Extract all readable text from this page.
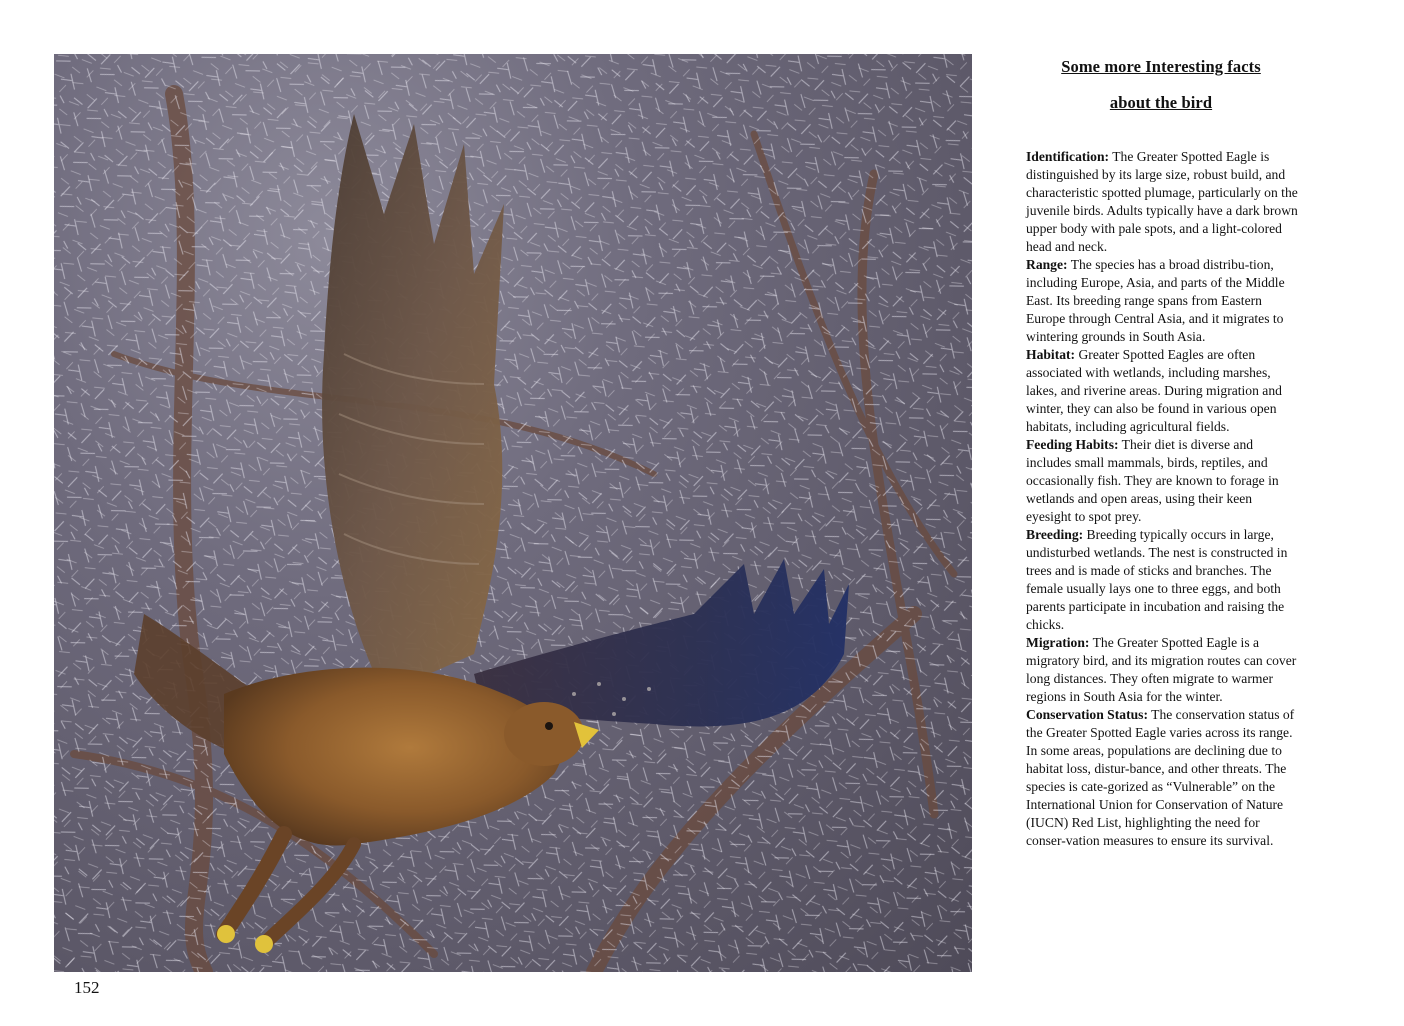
152
Some more Interesting facts
about the bird

Identification: The Greater Spotted Eagle is distinguished by its large size, robust build, and characteristic spotted plumage, particularly on the juvenile birds. Adults typically have a dark brown upper body with pale spots, and a light-colored head and neck.

Range: The species has a broad distribu-tion, including Europe, Asia, and parts of the Middle East. Its breeding range spans from Eastern Europe through Central Asia, and it migrates to wintering grounds in South Asia.

Habitat: Greater Spotted Eagles are often associated with wetlands, including marshes, lakes, and riverine areas. During migration and winter, they can also be found in various open habitats, including agricultural fields.

Feeding Habits: Their diet is diverse and includes small mammals, birds, reptiles, and occasionally fish. They are known to forage in wetlands and open areas, using their keen eyesight to spot prey.

Breeding: Breeding typically occurs in large, undisturbed wetlands. The nest is constructed in trees and is made of sticks and branches. The female usually lays one to three eggs, and both parents participate in incubation and raising the chicks.

Migration: The Greater Spotted Eagle is a migratory bird, and its migration routes can cover long distances. They often migrate to warmer regions in South Asia for the winter.

Conservation Status: The conservation status of the Greater Spotted Eagle varies across its range. In some areas, populations are declining due to habitat loss, distur-bance, and other threats. The species is cate-gorized as “Vulnerable” on the International Union for Conservation of Nature (IUCN) Red List, highlighting the need for conser-vation measures to ensure its survival.
